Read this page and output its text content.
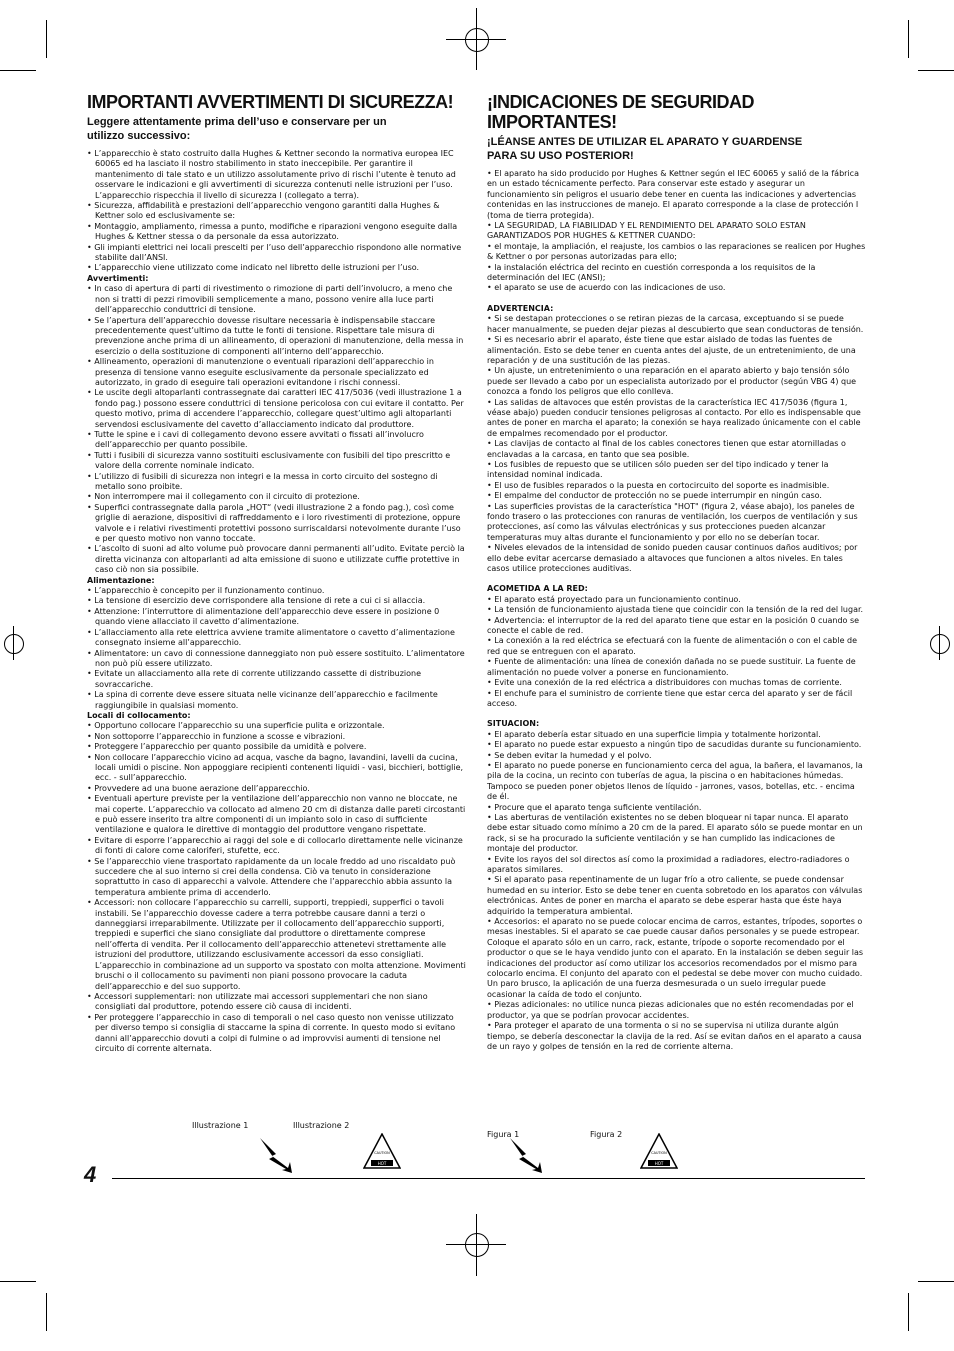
IMPORTANTI AVVERTIMENTI DI SICUREZZA!
Leggere attentamente prima dell’uso e conservare per un utilizzo successivo:

• L’apparecchio è stato costruito dalla Hughes & Kettner secondo la normativa europea IEC 60065 ed ha lasciato il nostro stabilimento in stato ineccepibile. Per garantire il mantenimento di tale stato e un utilizzo assolutamente privo di rischi l’utente è tenuto ad osservare le indicazioni e gli avvertimenti di sicurezza contenuti nelle istruzioni per l’uso. L’apparecchio rispecchia il livello di sicurezza I (collegato a terra).

• Sicurezza, affidabilità e prestazioni dell’apparecchio vengono garantiti dalla Hughes & Kettner solo ed esclusivamente se:

• Montaggio, ampliamento, rimessa a punto, modifiche e riparazioni vengono eseguite dalla Hughes & Kettner stessa o da personale da essa autorizzato.

• Gli impianti elettrici nei locali prescelti per l’uso dell’apparecchio rispondono alle normative stabilite dall’ANSI.

• L’apparecchio viene utilizzato come indicato nel libretto delle istruzioni per l’uso.

Avvertimenti:

• In caso di apertura di parti di rivestimento o rimozione di parti dell’involucro, a meno che non si tratti di pezzi rimovibili semplicemente a mano, possono venire alla luce parti dell’apparecchio conduttrici di tensione.

• Se l’apertura dell’apparecchio dovesse risultare necessaria è indispensabile staccare precedentemente quest’ultimo da tutte le fonti di tensione. Rispettare tale misura di prevenzione anche prima di un allineamento, di operazioni di manutenzione, della messa in esercizio o della sostituzione di componenti all’interno dell’apparecchio.

• Allineamento, operazioni di manutenzione o eventuali riparazioni dell’apparecchio in presenza di tensione vanno eseguite esclusivamente da personale specializzato ed autorizzato, in grado di eseguire tali operazioni evitandone i rischi connessi.

• Le uscite degli altoparlanti contrassegnate dai caratteri IEC 417/5036 (vedi illustrazione 1 a fondo pag.) possono essere conduttrici di tensione pericolosa con cui evitare il contatto. Per questo motivo, prima di accendere l’apparecchio, collegare quest’ultimo agli altoparlanti servendosi esclusivamente del cavetto d’allacciamento indicato dal produttore.

• Tutte le spine e i cavi di collegamento devono essere avvitati o fissati all’involucro dell’apparecchio per quanto possibile.

• Tutti i fusibili di sicurezza vanno sostituiti esclusivamente con fusibili del tipo prescritto e valore della corrente nominale indicato.

• L’utilizzo di fusibili di sicurezza non integri e la messa in corto circuito del sostegno di metallo sono proibite.

• Non interrompere mai il collegamento con il circuito di protezione.

• Superfici contrassegnate dalla parola „HOT“ (vedi illustrazione 2 a fondo pag.), così come griglie di aerazione, dispositivi di raffreddamento e i loro rivestimenti di protezione, oppure valvole e i relativi rivestimenti protettivi possono surriscaldarsi notevolmente durante l’uso e per questo motivo non vanno toccate.

• L’ascolto di suoni ad alto volume può provocare danni permanenti all’udito. Evitate perciò la diretta vicinanza con altoparlanti ad alta emissione di suono e utilizzate cuffie protettive in caso ciò non sia possibile.

Alimentazione:

• L’apparecchio è concepito per il funzionamento continuo.

• La tensione di esercizio deve corrispondere alla tensione di rete a cui ci si allaccia.

• Attenzione: l’interruttore di alimentazione dell’apparecchio deve essere in posizione 0 quando viene allacciato il cavetto d’alimentazione.

• L’allacciamento alla rete elettrica avviene tramite alimentatore o cavetto d’alimentazione consegnato insieme all’apparecchio.

• Alimentatore: un cavo di connessione danneggiato non può essere sostituito. L’alimentatore non può più essere utilizzato.

• Evitate un allacciamento alla rete di corrente utilizzando cassette di distribuzione sovraccariche.

• La spina di corrente deve essere situata nelle vicinanze dell’apparecchio e facilmente raggiungibile in qualsiasi momento.

Locali di collocamento:

• Opportuno collocare l’apparecchio su una superficie pulita e orizzontale.

• Non sottoporre l’apparecchio in funzione a scosse e vibrazioni.

• Proteggere l’apparecchio per quanto possibile da umidità e polvere.

• Non collocare l’apparecchio vicino ad acqua, vasche da bagno, lavandini, lavelli da cucina, locali umidi o piscine. Non appoggiare recipienti contenenti liquidi - vasi, bicchieri, bottiglie, ecc. - sull’apparecchio.

• Provvedere ad una buone aerazione dell’apparecchio.

• Eventuali aperture previste per la ventilazione dell’apparecchio non vanno ne bloccate, ne mai coperte. L’apparecchio va collocato ad almeno 20 cm di distanza dalle pareti circostanti e può essere inserito tra altre componenti di un impianto solo in caso di sufficiente ventilazione e qualora le direttive di montaggio del produttore vengano rispettate.

• Evitare di esporre l’apparecchio ai raggi del sole e di collocarlo direttamente nelle vicinanze di fonti di calore come caloriferi, stufette, ecc.

• Se l’apparecchio viene trasportato rapidamente da un locale freddo ad uno riscaldato può succedere che al suo interno si crei della condensa. Ciò va tenuto in considerazione soprattutto in caso di apparecchi a valvole. Attendere che l’apparecchio abbia assunto la temperatura ambiente prima di accenderlo.

• Accessori: non collocare l’apparecchio su carrelli, supporti, treppiedi, supperfici o tavoli instabili. Se l’apparecchio dovesse cadere a terra potrebbe causare danni a terzi o danneggiarsi irreparabilmente. Utilizzate per il collocamento dell’apparecchio supporti, treppiedi e superfici che siano consigliate dal produttore o direttamente comprese nell’offerta di vendita. Per il collocamento dell’apparecchio attenetevi strettamente alle istruzioni del produttore, utilizzando esclusivamente accessori da esso consigliati. L’apparecchio in combinazione ad un supporto va spostato con molta attenzione. Movimenti bruschi o il collocamento su pavimenti non piani possono provocare la caduta dell’apparecchio e del suo supporto.

• Accessori supplementari: non utilizzate mai accessori supplementari che non siano consigliati dal produttore, potendo essere ciò causa di incidenti.

• Per proteggere l’apparecchio in caso di temporali o nel caso questo non venisse utilizzato per diverso tempo si consiglia di staccarne la spina di corrente. In questo modo si evitano danni all’apparecchio dovuti a colpi di fulmine o ad improvvisi aumenti di tensione nel circuito di corrente alternata.

¡INDICACIONES DE SEGURIDAD IMPORTANTES!
¡LÉANSE ANTES DE UTILIZAR EL APARATO Y GUARDENSE PARA SU USO POSTERIOR!

• El aparato ha sido producido por Hughes & Kettner según el IEC 60065 y salió de la fábrica en un estado técnicamente perfecto. Para conservar este estado y asegurar un funcionamiento sin peligros el usuario debe tener en cuenta las indicaciones y advertencias contenidas en las instrucciones de manejo. El aparato corresponde a la clase de protección I (toma de tierra protegida).

• LA SEGURIDAD, LA FIABILIDAD Y EL RENDIMIENTO DEL APARATO SOLO ESTAN GARANTIZADOS POR HUGHES & KETTNER CUANDO:

• el montaje, la ampliación, el reajuste, los cambios o las reparaciones se realicen por Hughes & Kettner o por personas autorizadas para ello;

• la instalación eléctrica del recinto en cuestión corresponda a los requisitos de la determinación del IEC (ANSI);

• el aparato se use de acuerdo con las indicaciones de uso.

ADVERTENCIA:

• Si se destapan protecciones o se retiran piezas de la carcasa, exceptuando si se puede hacer manualmente, se pueden dejar piezas al descubierto que sean conductoras de tensión.

• Si es necesario abrir el aparato, éste tiene que estar aislado de todas las fuentes de alimentación. Esto se debe tener en cuenta antes del ajuste, de un entretenimiento, de una reparación y de una sustitución de las piezas.

• Un ajuste, un entretenimiento o una reparación en el aparato abierto y bajo tensión sólo puede ser llevado a cabo por un especialista autorizado por el productor (según VBG 4) que conozca a fondo los peligros que ello conlleva.

• Las salidas de altavoces que estén provistas de la característica IEC 417/5036 (figura 1, véase abajo) pueden conducir tensiones peligrosas al contacto. Por ello es indispensable que antes de poner en marcha el aparato; la conexión se haya realizado únicamente con el cable de empalmes recomendado por el productor.

• Las clavijas de contacto al final de los cables conectores tienen que estar atornilladas o enclavadas a la carcasa, en tanto que sea posible.

• Los fusibles de repuesto que se utilicen sólo pueden ser del tipo indicado y tener la intensidad nominal indicada.

• El uso de fusibles reparados o la puesta en cortocircuito del soporte es inadmisible.

• El empalme del conductor de protección no se puede interrumpir en ningún caso.

• Las superficies provistas de la característica "HOT" (figura 2, véase abajo), los paneles de fondo trasero o las protecciones con ranuras de ventilación, los cuerpos de ventilación y sus protecciones, así como las válvulas electrónicas y sus protecciones pueden alcanzar temperaturas muy altas durante el funcionamiento y por ello no se deberían tocar.

• Niveles elevados de la intensidad de sonido pueden causar continuos daños auditivos; por ello debe evitar acercarse demasiado a altavoces que funcionen a altos niveles. En tales casos utilice protecciones auditivas.

ACOMETIDA A LA RED:

• El aparato está proyectado para un funcionamiento continuo.

• La tensión de funcionamiento ajustada tiene que coincidir con la tensión de la red del lugar.

• Advertencia: el interruptor de la red del aparato tiene que estar en la posición 0 cuando se conecte el cable de red.

• La conexión a la red eléctrica se efectuará con la fuente de alimentación o con el cable de red que se entreguen con el aparato.

• Fuente de alimentación: una línea de conexión dañada no se puede sustituir. La fuente de alimentación no puede volver a ponerse en funcionamiento.

• Evite una conexión de la red eléctrica a distribuidores con muchas tomas de corriente.

• El enchufe para el suministro de corriente tiene que estar cerca del aparato y ser de fácil acceso.

SITUACION:

• El aparato debería estar situado en una superficie limpia y totalmente horizontal.

• El aparato no puede estar expuesto a ningún tipo de sacudidas durante su funcionamiento.

• Se deben evitar la humedad y el polvo.

• El aparato no puede ponerse en funcionamiento cerca del agua, la bañera, el lavamanos, la pila de la cocina, un recinto con tuberías de agua, la piscina o en habitaciones húmedas. Tampoco se pueden poner objetos llenos de líquido - jarrones, vasos, botellas, etc. - encima de él.

• Procure que el aparato tenga suficiente ventilación.

• Las aberturas de ventilación existentes no se deben bloquear ni tapar nunca. El aparato debe estar situado como mínimo a 20 cm de la pared. El aparato sólo se puede montar en un rack, si se ha procurado la suficiente ventilación y se han cumplido las indicaciones de montaje del productor.

• Evite los rayos del sol directos así como la proximidad a radiadores, electro-radiadores o aparatos similares.

• Si el aparato pasa repentinamente de un lugar frío a otro caliente, se puede condensar humedad en su interior. Esto se debe tener en cuenta sobretodo en los aparatos con válvulas electrónicas. Antes de poner en marcha el aparato se debe esperar hasta que éste haya adquirido la temperatura ambiental.

• Accesorios: el aparato no se puede colocar encima de carros, estantes, trípodes, soportes o mesas inestables. Si el aparato se cae puede causar daños personales y se puede estropear. Coloque el aparato sólo en un carro, rack, estante, trípode o soporte recomendado por el productor o que se le haya vendido junto con el aparato. En la instalación se deben seguir las indicaciones del productor así como utilizar los accesorios recomendados por el mismo para colocarlo encima. El conjunto del aparato con el pedestal se debe mover con mucho cuidado. Un paro brusco, la aplicación de una fuerza desmesurada o un suelo irregular puede ocasionar la caída de todo el conjunto.

• Piezas adicionales: no utilice nunca piezas adicionales que no estén recomendadas por el productor, ya que se podrían provocar accidentes.

• Para proteger el aparato de una tormenta o si no se supervisa ni utiliza durante algún tiempo, se debería desconectar la clavija de la red. Así se evitan daños en el aparato a causa de un rayo y golpes de tensión en la red de corriente alterna.

Illustrazione 1	Illustrazione 2
HOT
CAUTION
Figura 1	Figura 2
HOT
CAUTION
4
